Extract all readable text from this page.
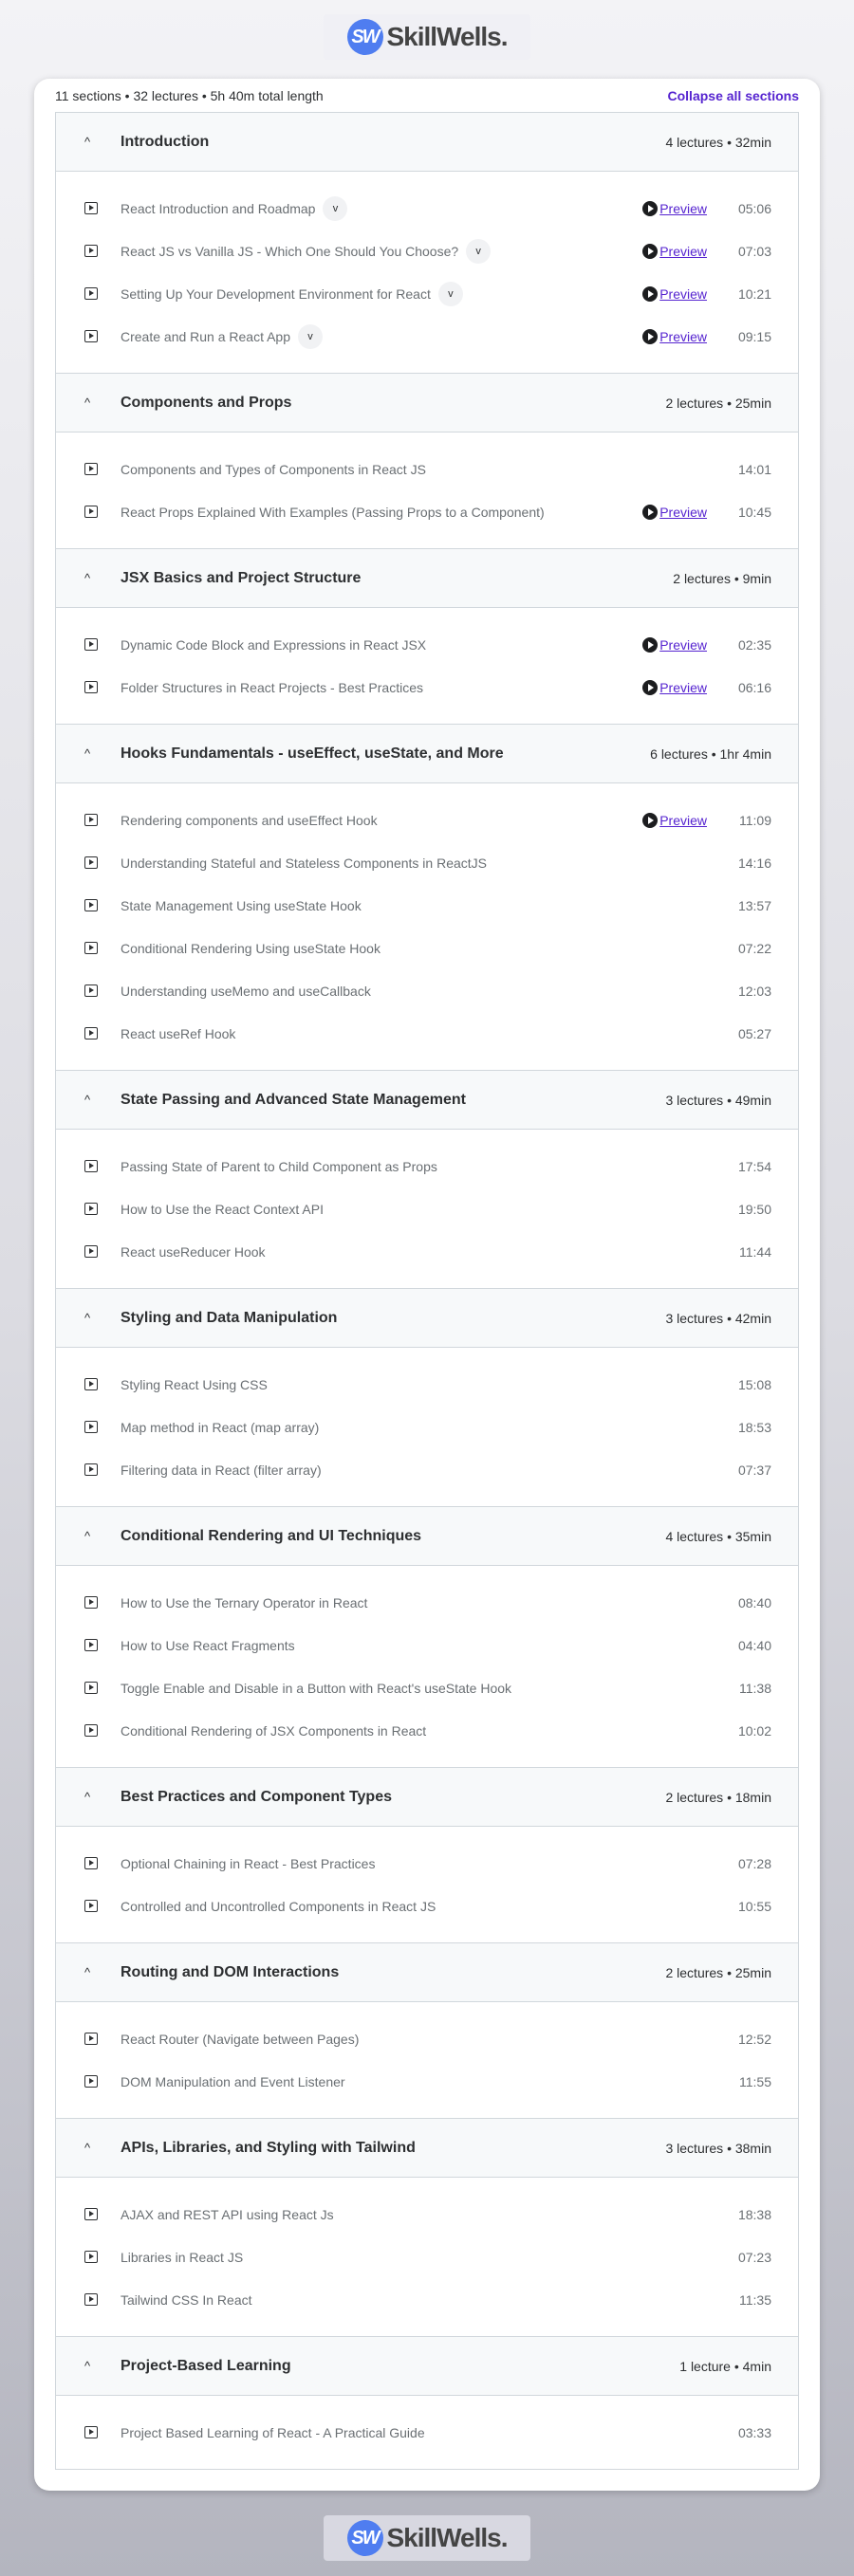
SW SkillWells.
11 sections • 32 lectures • 5h 40m total length	Collapse all sections
^	Introduction	4 lectures • 32min
React Introduction and Roadmap	v	Preview	05:06
React JS vs Vanilla JS - Which One Should You Choose?	v	Preview	07:03
Setting Up Your Development Environment for React	v	Preview	10:21
Create and Run a React App	v	Preview	09:15
^	Components and Props	2 lectures • 25min
Components and Types of Components in React JS	14:01
React Props Explained With Examples (Passing Props to a Component)	Preview	10:45
^	JSX Basics and Project Structure	2 lectures • 9min
Dynamic Code Block and Expressions in React JSX	Preview	02:35
Folder Structures in React Projects - Best Practices	Preview	06:16
^	Hooks Fundamentals - useEffect, useState, and More	6 lectures • 1hr 4min
Rendering components and useEffect Hook	Preview	11:09
Understanding Stateful and Stateless Components in ReactJS	14:16
State Management Using useState Hook	13:57
Conditional Rendering Using useState Hook	07:22
Understanding useMemo and useCallback	12:03
React useRef Hook	05:27
^	State Passing and Advanced State Management	3 lectures • 49min
Passing State of Parent to Child Component as Props	17:54
How to Use the React Context API	19:50
React useReducer Hook	11:44
^	Styling and Data Manipulation	3 lectures • 42min
Styling React Using CSS	15:08
Map method in React (map array)	18:53
Filtering data in React (filter array)	07:37
^	Conditional Rendering and UI Techniques	4 lectures • 35min
How to Use the Ternary Operator in React	08:40
How to Use React Fragments	04:40
Toggle Enable and Disable in a Button with React's useState Hook	11:38
Conditional Rendering of JSX Components in React	10:02
^	Best Practices and Component Types	2 lectures • 18min
Optional Chaining in React - Best Practices	07:28
Controlled and Uncontrolled Components in React JS	10:55
^	Routing and DOM Interactions	2 lectures • 25min
React Router (Navigate between Pages)	12:52
DOM Manipulation and Event Listener	11:55
^	APIs, Libraries, and Styling with Tailwind	3 lectures • 38min
AJAX and REST API using React Js	18:38
Libraries in React JS	07:23
Tailwind CSS In React	11:35
^	Project-Based Learning	1 lecture • 4min
Project Based Learning of React - A Practical Guide	03:33
SW SkillWells.
